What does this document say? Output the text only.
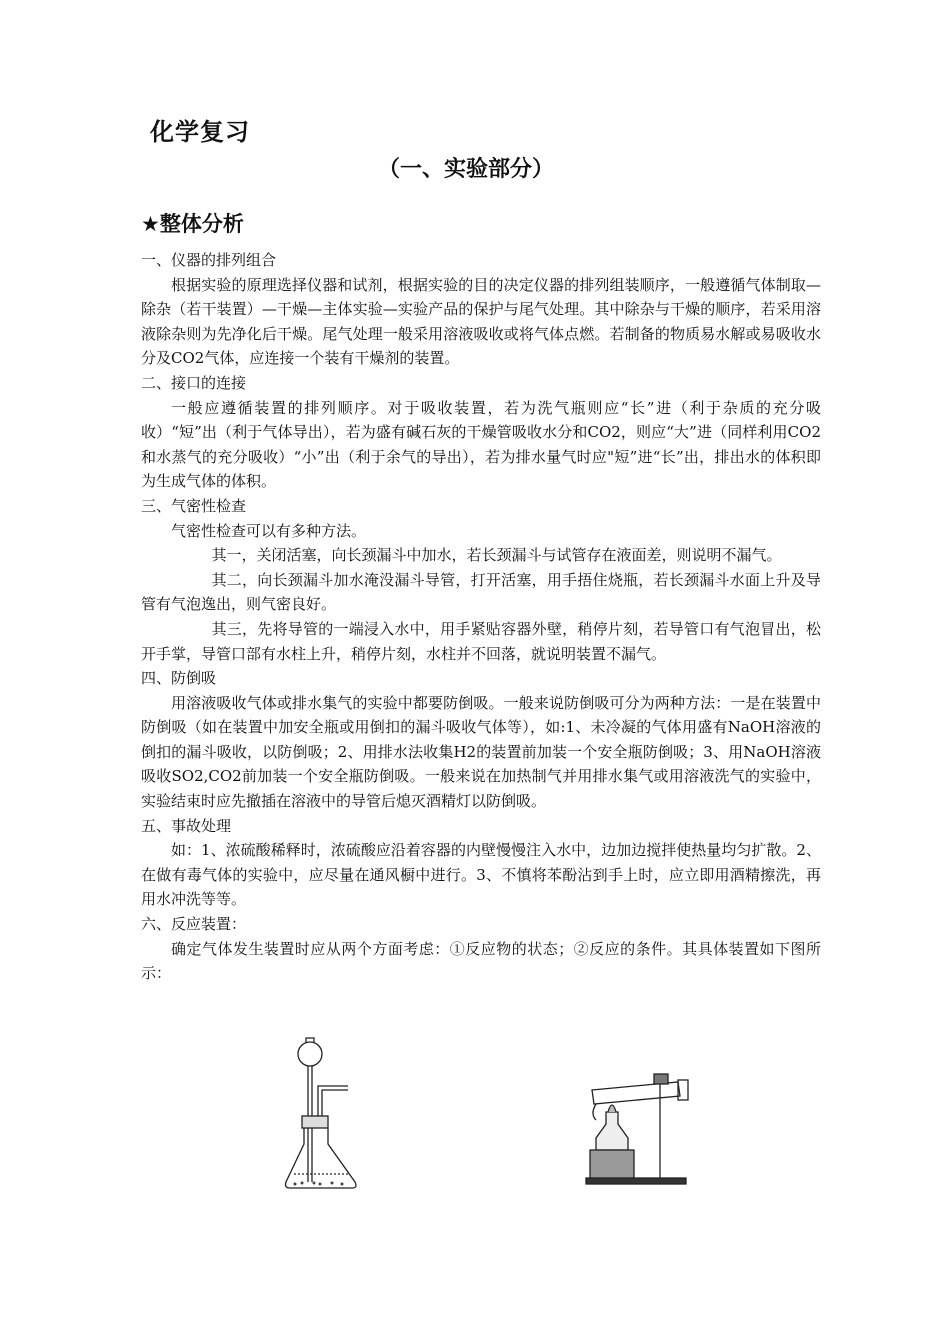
化学复习
（一、实验部分）
★整体分析

一、仪器的排列组合

根据实验的原理选择仪器和试剂，根据实验的目的决定仪器的排列组装顺序，一般遵循气体制取—除杂（若干装置）—干燥—主体实验—实验产品的保护与尾气处理。其中除杂与干燥的顺序，若采用溶液除杂则为先净化后干燥。尾气处理一般采用溶液吸收或将气体点燃。若制备的物质易水解或易吸收水分及CO2气体，应连接一个装有干燥剂的装置。

二、接口的连接

一般应遵循装置的排列顺序。对于吸收装置，若为洗气瓶则应“长”进（利于杂质的充分吸收）“短”出（利于气体导出），若为盛有碱石灰的干燥管吸收水分和CO2，则应“大”进（同样利用CO2和水蒸气的充分吸收）“小”出（利于余气的导出），若为排水量气时应"短”进“长”出，排出水的体积即为生成气体的体积。

三、气密性检查

气密性检查可以有多种方法。

其一，关闭活塞，向长颈漏斗中加水，若长颈漏斗与试管存在液面差，则说明不漏气。

其二，向长颈漏斗加水淹没漏斗导管，打开活塞，用手捂住烧瓶，若长颈漏斗水面上升及导管有气泡逸出，则气密良好。

其三，先将导管的一端浸入水中，用手紧贴容器外壁，稍停片刻，若导管口有气泡冒出，松开手掌，导管口部有水柱上升，稍停片刻，水柱并不回落，就说明装置不漏气。

四、防倒吸

用溶液吸收气体或排水集气的实验中都要防倒吸。一般来说防倒吸可分为两种方法：一是在装置中防倒吸（如在装置中加安全瓶或用倒扣的漏斗吸收气体等），如:1、未冷凝的气体用盛有NaOH溶液的倒扣的漏斗吸收，以防倒吸；2、用排水法收集H2的装置前加装一个安全瓶防倒吸；3、用NaOH溶液吸收SO2,CO2前加装一个安全瓶防倒吸。一般来说在加热制气并用排水集气或用溶液洗气的实验中，实验结束时应先撤插在溶液中的导管后熄灭酒精灯以防倒吸。

五、事故处理

如：1、浓硫酸稀释时，浓硫酸应沿着容器的内壁慢慢注入水中，边加边搅拌使热量均匀扩散。2、在做有毒气体的实验中，应尽量在通风橱中进行。3、不慎将苯酚沾到手上时，应立即用酒精擦洗，再用水冲洗等等。

六、反应装置：

确定气体发生装置时应从两个方面考虑：①反应物的状态；②反应的条件。其具体装置如下图所示：
